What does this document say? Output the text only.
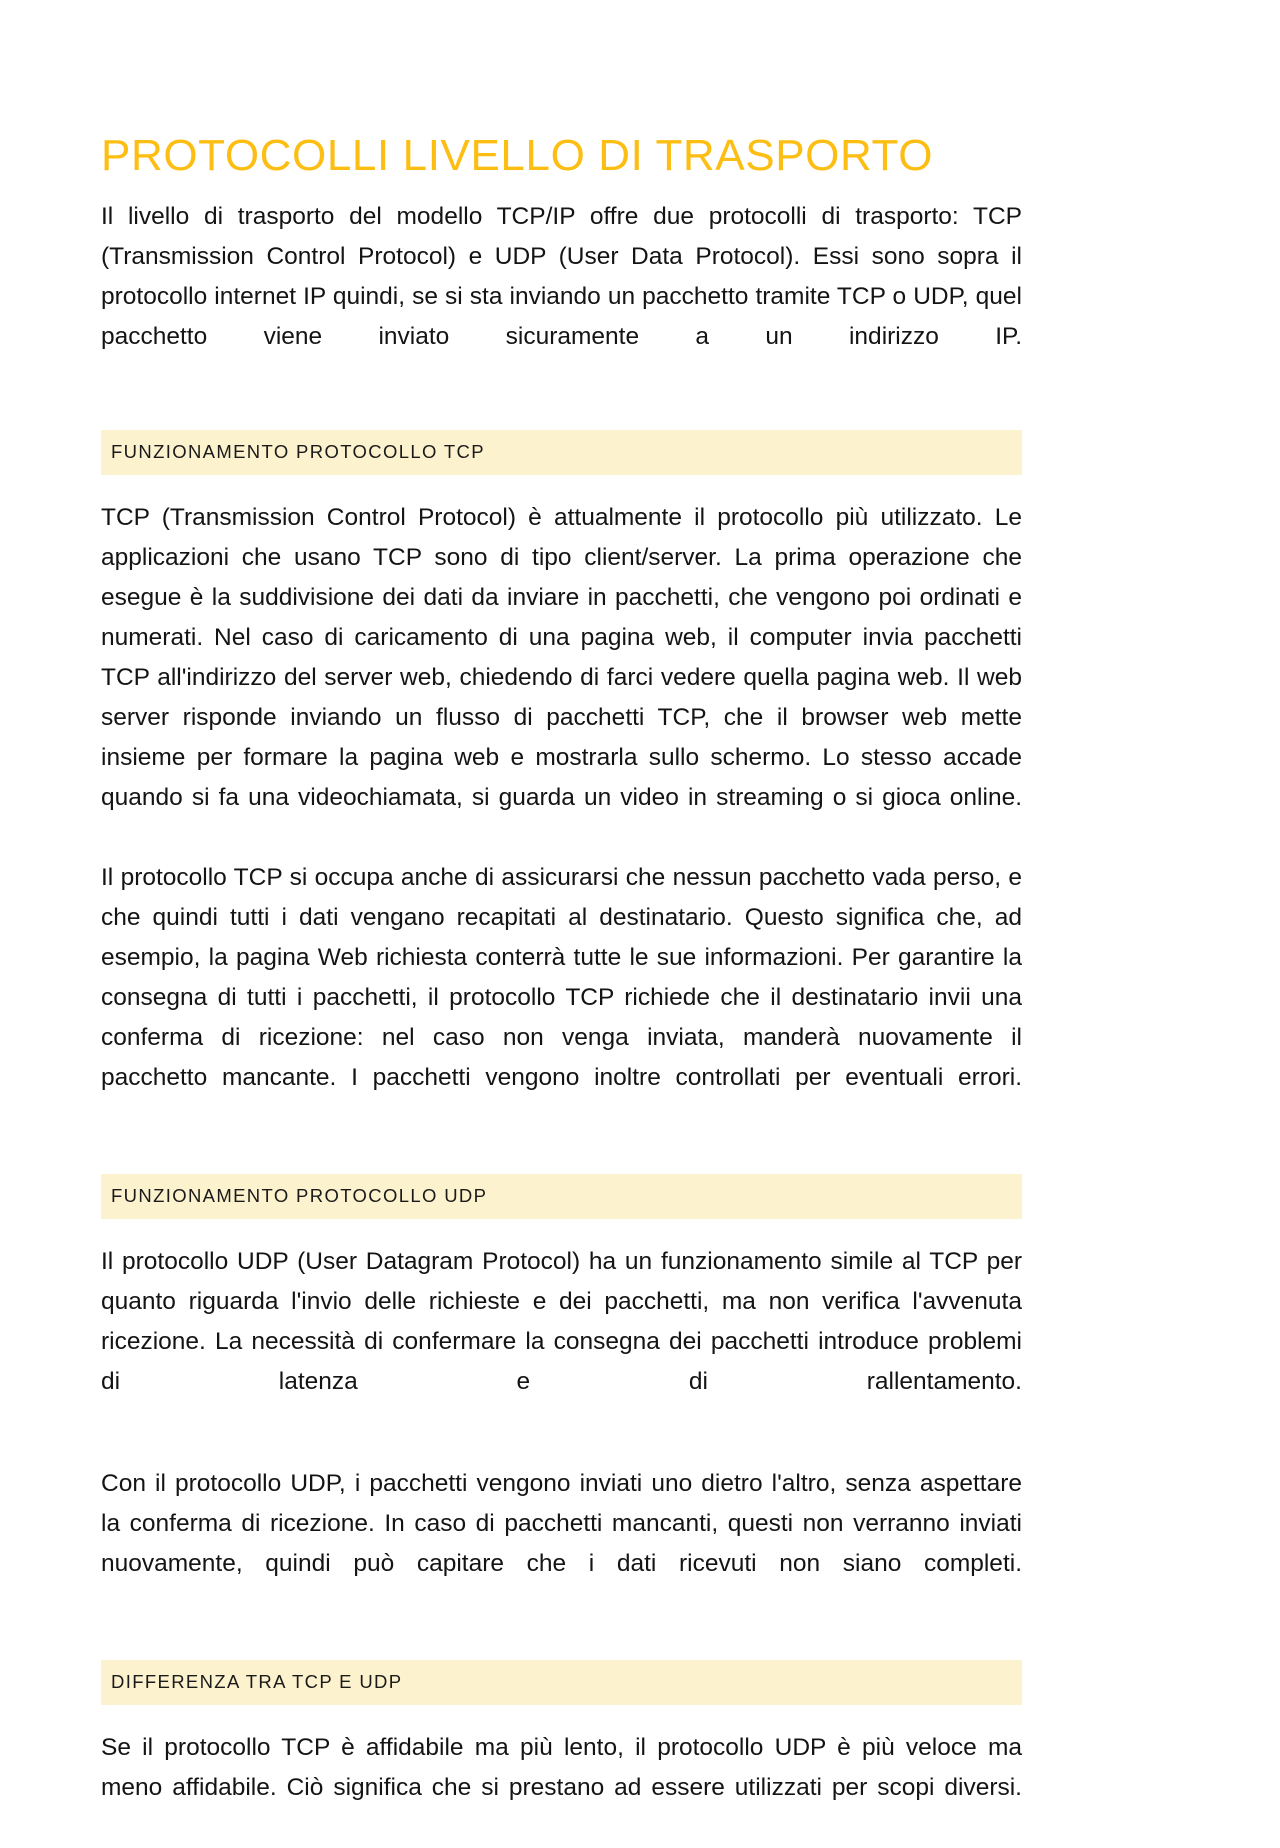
PROTOCOLLI LIVELLO DI TRASPORTO

Il livello di trasporto del modello TCP/IP offre due protocolli di trasporto: TCP (Transmission Control Protocol) e UDP (User Data Protocol). Essi sono sopra il protocollo internet IP quindi, se si sta inviando un pacchetto tramite TCP o UDP, quel pacchetto viene inviato sicuramente a un indirizzo IP.

FUNZIONAMENTO PROTOCOLLO TCP

TCP (Transmission Control Protocol) è attualmente il protocollo più utilizzato. Le applicazioni che usano TCP sono di tipo client/server. La prima operazione che esegue è la suddivisione dei dati da inviare in pacchetti, che vengono poi ordinati e numerati. Nel caso di caricamento di una pagina web, il computer invia pacchetti TCP all'indirizzo del server web, chiedendo di farci vedere quella pagina web. Il web server risponde inviando un flusso di pacchetti TCP, che il browser web mette insieme per formare la pagina web e mostrarla sullo schermo. Lo stesso accade quando si fa una videochiamata, si guarda un video in streaming o si gioca online.

Il protocollo TCP si occupa anche di assicurarsi che nessun pacchetto vada perso, e che quindi tutti i dati vengano recapitati al destinatario. Questo significa che, ad esempio, la pagina Web richiesta conterrà tutte le sue informazioni. Per garantire la consegna di tutti i pacchetti, il protocollo TCP richiede che il destinatario invii una conferma di ricezione: nel caso non venga inviata, manderà nuovamente il pacchetto mancante. I pacchetti vengono inoltre controllati per eventuali errori.

FUNZIONAMENTO PROTOCOLLO UDP

Il protocollo UDP (User Datagram Protocol) ha un funzionamento simile al TCP per quanto riguarda l'invio delle richieste e dei pacchetti, ma non verifica l'avvenuta ricezione. La necessità di confermare la consegna dei pacchetti introduce problemi di latenza e di rallentamento.

Con il protocollo UDP, i pacchetti vengono inviati uno dietro l'altro, senza aspettare la conferma di ricezione. In caso di pacchetti mancanti, questi non verranno inviati nuovamente, quindi può capitare che i dati ricevuti non siano completi.

DIFFERENZA TRA TCP E UDP

Se il protocollo TCP è affidabile ma più lento, il protocollo UDP è più veloce ma meno affidabile. Ciò significa che si prestano ad essere utilizzati per scopi diversi.
